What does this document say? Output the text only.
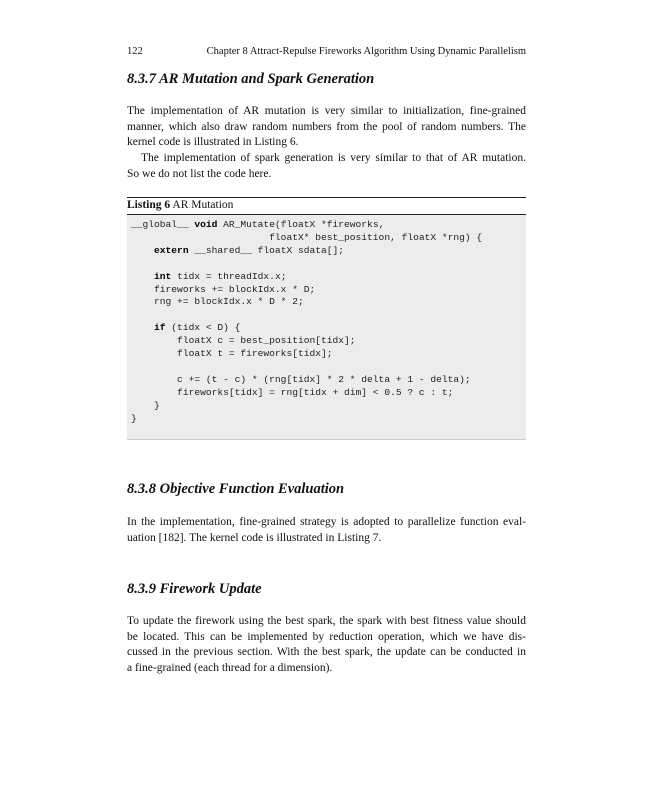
122	Chapter 8 Attract-Repulse Fireworks Algorithm Using Dynamic Parallelism
8.3.7 AR Mutation and Spark Generation

The implementation of AR mutation is very similar to initialization, fine-grained
manner, which also draw random numbers from the pool of random numbers. The
kernel code is illustrated in Listing 6.

The implementation of spark generation is very similar to that of AR mutation.
So we do not list the code here.

Listing 6 AR Mutation
__global__ void AR_Mutate(floatX *fireworks,
floatX* best_position, floatX *rng) {
extern __shared__ floatX sdata[];

int tidx = threadIdx.x;
fireworks += blockIdx.x * D;
rng += blockIdx.x * D * 2;

if (tidx < D) {
floatX c = best_position[tidx];
floatX t = fireworks[tidx];

c += (t - c) * (rng[tidx] * 2 * delta + 1 - delta);
fireworks[tidx] = rng[tidx + dim] < 0.5 ? c : t;
}
}
8.3.8 Objective Function Evaluation

In the implementation, fine-grained strategy is adopted to parallelize function eval-
uation [182]. The kernel code is illustrated in Listing 7.

8.3.9 Firework Update

To update the firework using the best spark, the spark with best fitness value should
be located. This can be implemented by reduction operation, which we have dis-
cussed in the previous section. With the best spark, the update can be conducted in
a fine-grained (each thread for a dimension).
